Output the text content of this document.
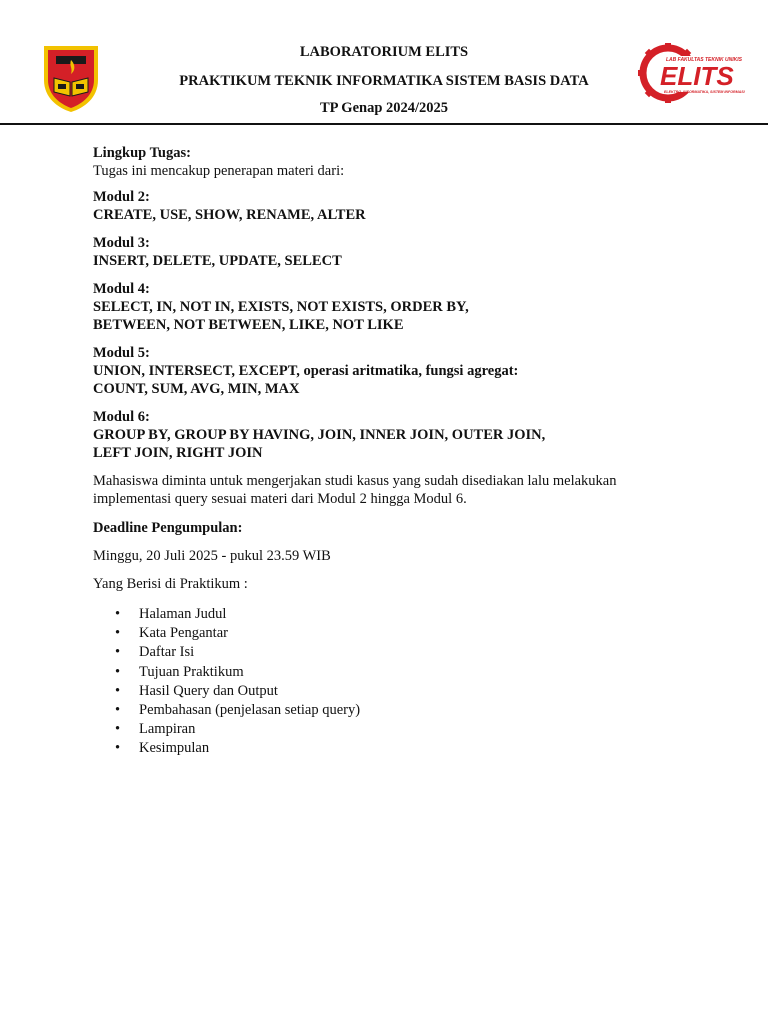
LABORATORIUM ELITS
PRAKTIKUM TEKNIK INFORMATIKA SISTEM BASIS DATA
TP Genap 2024/2025
LAB FAKULTAS TEKNIK UNIKIS
ELITS
ELEKTRO, INFORMATIKA, SISTEM INFORMASI
Lingkup Tugas:
Tugas ini mencakup penerapan materi dari:
Modul 2:
CREATE, USE, SHOW, RENAME, ALTER
Modul 3:
INSERT, DELETE, UPDATE, SELECT
Modul 4:
SELECT, IN, NOT IN, EXISTS, NOT EXISTS, ORDER BY,
BETWEEN, NOT BETWEEN, LIKE, NOT LIKE
Modul 5:
UNION, INTERSECT, EXCEPT, operasi aritmatika, fungsi agregat:
COUNT, SUM, AVG, MIN, MAX
Modul 6:
GROUP BY, GROUP BY HAVING, JOIN, INNER JOIN, OUTER JOIN,
LEFT JOIN, RIGHT JOIN
Mahasiswa diminta untuk mengerjakan studi kasus yang sudah disediakan lalu melakukan
implementasi query sesuai materi dari Modul 2 hingga Modul 6.
Deadline Pengumpulan:
Minggu, 20 Juli 2025 - pukul 23.59 WIB
Yang Berisi di Praktikum :
• Halaman Judul
• Kata Pengantar
• Daftar Isi
• Tujuan Praktikum
• Hasil Query dan Output
• Pembahasan (penjelasan setiap query)
• Lampiran
• Kesimpulan
